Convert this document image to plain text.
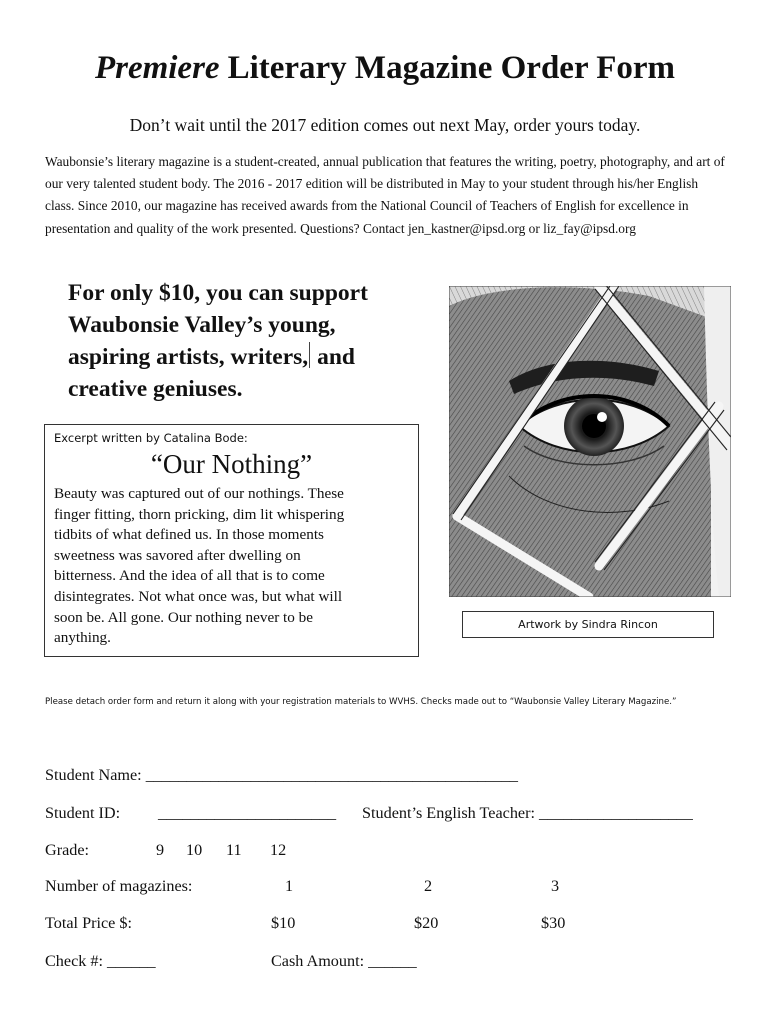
Premiere Literary Magazine Order Form
Don’t wait until the 2017 edition comes out next May, order yours today.
Waubonsie’s literary magazine is a student-created, annual publication that features the writing, poetry, photography, and art of our very talented student body. The 2016 - 2017 edition will be distributed in May to your student through his/her English class. Since 2010, our magazine has received awards from the National Council of Teachers of English for excellence in presentation and quality of the work presented. Questions? Contact jen_kastner@ipsd.org or liz_fay@ipsd.org
For only $10, you can support
Waubonsie Valley’s young,
aspiring artists, writers, and
creative geniuses.
Excerpt written by Catalina Bode:
“Our Nothing”
Beauty was captured out of our nothings. These
finger fitting, thorn pricking, dim lit whispering
tidbits of what defined us. In those moments
sweetness was savored after dwelling on
bitterness. And the idea of all that is to come
disintegrates. Not what once was, but what will
soon be. All gone. Our nothing never to be
anything.
Artwork by Sindra Rincon
Please detach order form and return it along with your registration materials to WVHS. Checks made out to “Waubonsie Valley Literary Magazine.”
Student Name: ______________________________________________
Student ID: ______________________ Student’s English Teacher: ___________________
Grade:	9 10 11 12
Number of magazines:	1	2	3
Total Price $:	$10	$20	$30
Check #: ______	Cash Amount: ______
